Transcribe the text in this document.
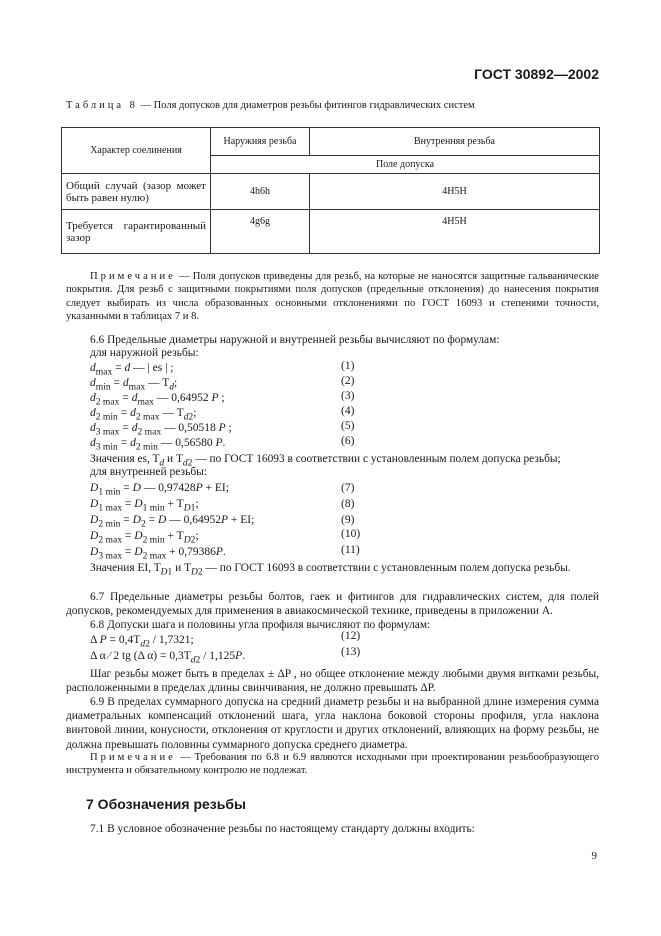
ГОСТ 30892—2002
Таблица 8 — Поля допусков для диаметров резьбы фитингов гидравлических систем
Характер соелинения	Наружняя резьба	Внутренняя резьба
	Поле допуска	
Общий случай (зазор может быть равен нулю)	4h6h	4H5H
Требуется гарантированный зазор	4g6g	4H5H
Примечание — Поля допусков приведены для резьб, на которые не наносятся защитные гальванические покрытия. Для резьб с защитными покрытиями поля допусков (предельные отклонения) до нанесения покрытия следует выбирать из числа образованных основными отклонениями по ГОСТ 16093 и степенями точности, указанными в таблицах 7 и 8.
6.6 Предельные диаметры наружной и внутренней резьбы вычисляют по формулам:
для наружной резьбы:
$d_{max} = d$ — | es | ;
$d_{min} = d_{max}$ — $T_d$;
$d_{2 max} = d_{max}$ — 0,64952 P ;
$d_{2 min} = d_{2 max}$ — $T_{d2}$;
$d_{3 max} = d_{2 max}$ — 0,50518 P ;
$d_{3 min} = d_{2 min}$ — 0,56580 P.
(1)
(2)
(3)
(4)
(5)
(6)
Значения es, $T_d$ и $T_{d2}$ — по ГОСТ 16093 в соответствии с установленным полем допуска резьбы;
для внутренней резьбы:
$D_{1 min} = D$ — 0,97428P + EI;
$D_{1 max} = D_{1 min} + T_{D1}$;
$D_{2 min} = D_2 = D$ — 0,64952P + EI;
$D_{2 max} = D_{2 min} + T_{D2}$;
$D_{3 max} = D_{2 max} + 0,79386P$.
(7)
(8)
(9)
(10)
(11)
Значения EI, $T_{D1}$ и $T_{D2}$ — по ГОСТ 16093 в соответствии с установленным полем допуска резьбы.
6.7 Предельные диаметры резьбы болтов, гаек и фитингов для гидравлических систем, для полей допусков, рекомендуемых для применения в авиакосмической технике, приведены в приложении А.
6.8 Допуски шага и половины угла профиля вычисляют по формулам:
Δ $P = 0,4T_{d2} / 1,7321$;
Δ α ⁄ 2 tg (Δ $\alpha) = 0,3T_{d2} / 1,125P$.
(12)
(13)
Шаг резьбы может быть в пределах ± ΔP , но общее отклонение между любыми двумя витками резьбы, расположенными в пределах длины свинчивания, не должно превышать ΔP.
6.9 В пределах суммарного допуска на средний диаметр резьбы и на выбранной длине измерения сумма диаметральных компенсаций отклонений шага, угла наклона боковой стороны профиля, угла наклона винтовой линии, конусности, отклонения от круглости и других отклонений, влияющих на форму резьбы, не должна превышать половины суммарного допуска среднего диаметра.
Примечание — Требования по 6.8 и 6.9 являются исходными при проектировании резьбообразующего инструмента и обязательному контролю не подлежат.
7 Обозначения резьбы
7.1 В условное обозначение резьбы по настоящему стандарту должны входить:
9
